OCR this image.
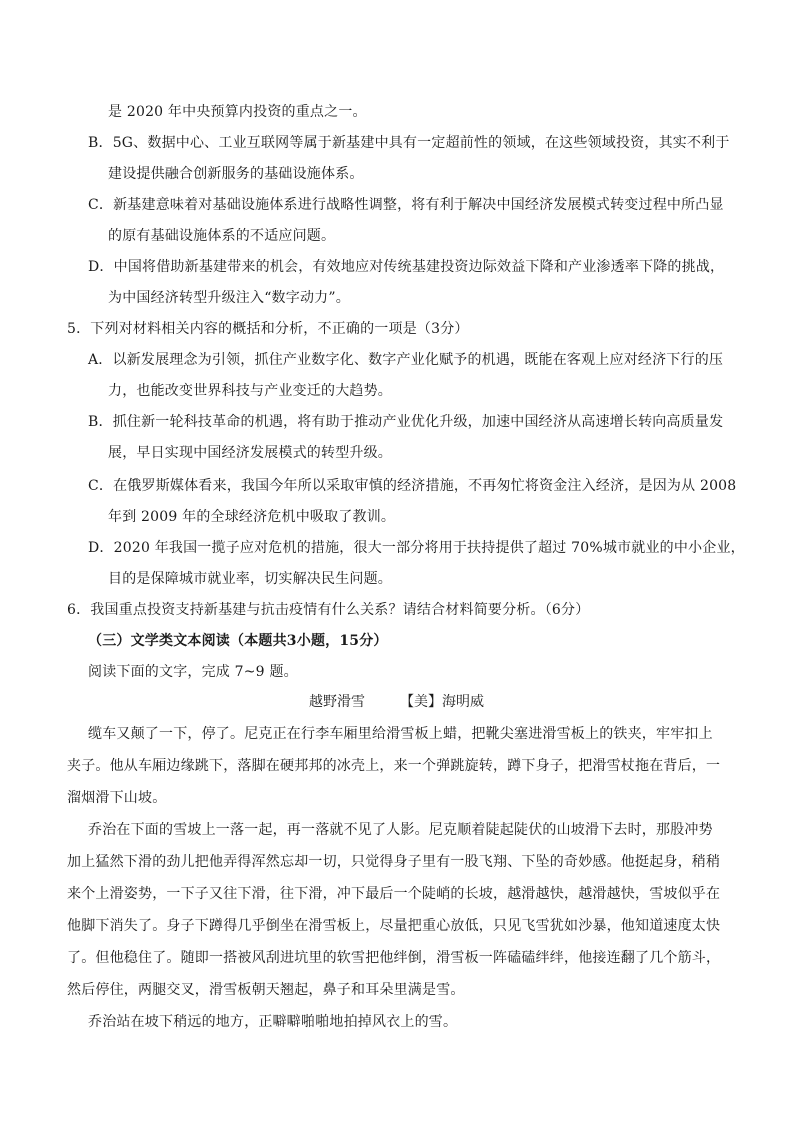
是 2020 年中央预算内投资的重点之一。
B．5G、数据中心、工业互联网等属于新基建中具有一定超前性的领域，在这些领域投资，其实不利于
建设提供融合创新服务的基础设施体系。
C．新基建意味着对基础设施体系进行战略性调整，将有利于解决中国经济发展模式转变过程中所凸显
的原有基础设施体系的不适应问题。
D．中国将借助新基建带来的机会，有效地应对传统基建投资边际效益下降和产业渗透率下降的挑战，
为中国经济转型升级注入“数字动力”。
5．下列对材料相关内容的概括和分析，不正确的一项是（3分）
A．以新发展理念为引领，抓住产业数字化、数字产业化赋予的机遇，既能在客观上应对经济下行的压
力，也能改变世界科技与产业变迁的大趋势。
B．抓住新一轮科技革命的机遇，将有助于推动产业优化升级，加速中国经济从高速增长转向高质量发
展，早日实现中国经济发展模式的转型升级。
C．在俄罗斯媒体看来，我国今年所以采取审慎的经济措施，不再匆忙将资金注入经济，是因为从 2008
年到 2009 年的全球经济危机中吸取了教训。
D．2020 年我国一揽子应对危机的措施，很大一部分将用于扶持提供了超过 70%城市就业的中小企业，
目的是保障城市就业率，切实解决民生问题。
6．我国重点投资支持新基建与抗击疫情有什么关系？请结合材料简要分析。（6分）
（三）文学类文本阅读（本题共3小题，15分）
阅读下面的文字，完成 7~9 题。
越野滑雪	【美】海明威
缆车又颠了一下，停了。尼克正在行李车厢里给滑雪板上蜡，把靴尖塞进滑雪板上的铁夹，牢牢扣上
夹子。他从车厢边缘跳下，落脚在硬邦邦的冰壳上，来一个弹跳旋转，蹲下身子，把滑雪杖拖在背后，一
溜烟滑下山坡。
乔治在下面的雪坡上一落一起，再一落就不见了人影。尼克顺着陡起陡伏的山坡滑下去时，那股冲势
加上猛然下滑的劲儿把他弄得浑然忘却一切，只觉得身子里有一股飞翔、下坠的奇妙感。他挺起身，稍稍
来个上滑姿势，一下子又往下滑，往下滑，冲下最后一个陡峭的长坡，越滑越快，越滑越快，雪坡似乎在
他脚下消失了。身子下蹲得几乎倒坐在滑雪板上，尽量把重心放低，只见飞雪犹如沙暴，他知道速度太快
了。但他稳住了。随即一搭被风刮进坑里的软雪把他绊倒，滑雪板一阵磕磕绊绊，他接连翻了几个筋斗，
然后停住，两腿交叉，滑雪板朝天翘起，鼻子和耳朵里满是雪。
乔治站在坡下稍远的地方，正噼噼啪啪地拍掉风衣上的雪。
